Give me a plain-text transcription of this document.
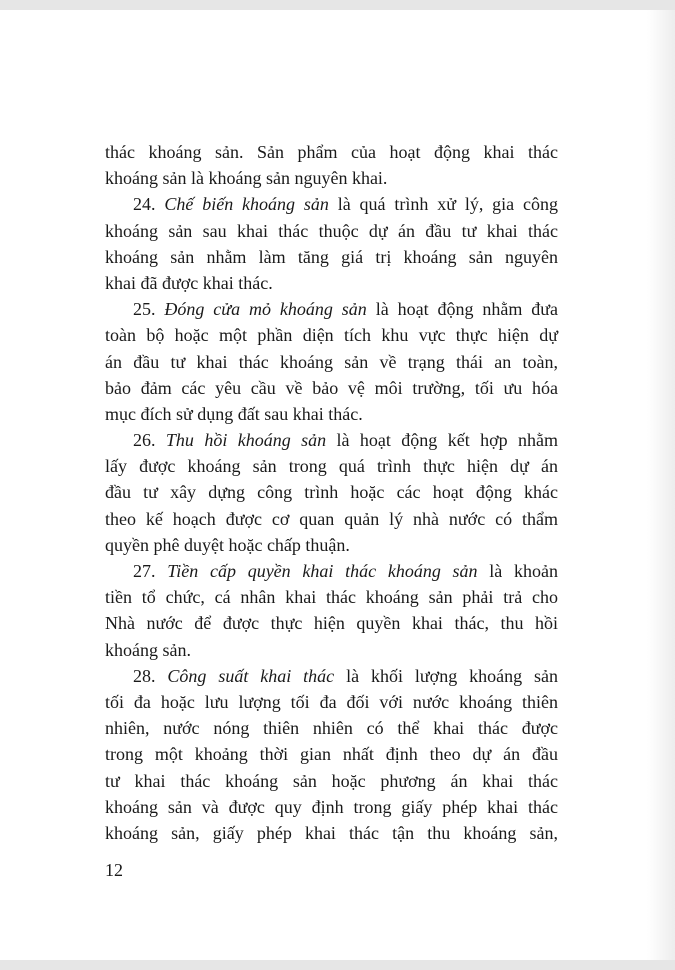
thác khoáng sản. Sản phẩm của hoạt động khai thác
khoáng sản là khoáng sản nguyên khai.
24. Chế biến khoáng sản là quá trình xử lý, gia công
khoáng sản sau khai thác thuộc dự án đầu tư khai thác
khoáng sản nhằm làm tăng giá trị khoáng sản nguyên
khai đã được khai thác.
25. Đóng cửa mỏ khoáng sản là hoạt động nhằm đưa
toàn bộ hoặc một phần diện tích khu vực thực hiện dự
án đầu tư khai thác khoáng sản về trạng thái an toàn,
bảo đảm các yêu cầu về bảo vệ môi trường, tối ưu hóa
mục đích sử dụng đất sau khai thác.
26. Thu hồi khoáng sản là hoạt động kết hợp nhằm
lấy được khoáng sản trong quá trình thực hiện dự án
đầu tư xây dựng công trình hoặc các hoạt động khác
theo kế hoạch được cơ quan quản lý nhà nước có thẩm
quyền phê duyệt hoặc chấp thuận.
27. Tiền cấp quyền khai thác khoáng sản là khoản
tiền tổ chức, cá nhân khai thác khoáng sản phải trả cho
Nhà nước để được thực hiện quyền khai thác, thu hồi
khoáng sản.
28. Công suất khai thác là khối lượng khoáng sản
tối đa hoặc lưu lượng tối đa đối với nước khoáng thiên
nhiên, nước nóng thiên nhiên có thể khai thác được
trong một khoảng thời gian nhất định theo dự án đầu
tư khai thác khoáng sản hoặc phương án khai thác
khoáng sản và được quy định trong giấy phép khai thác
khoáng sản, giấy phép khai thác tận thu khoáng sản,
12
